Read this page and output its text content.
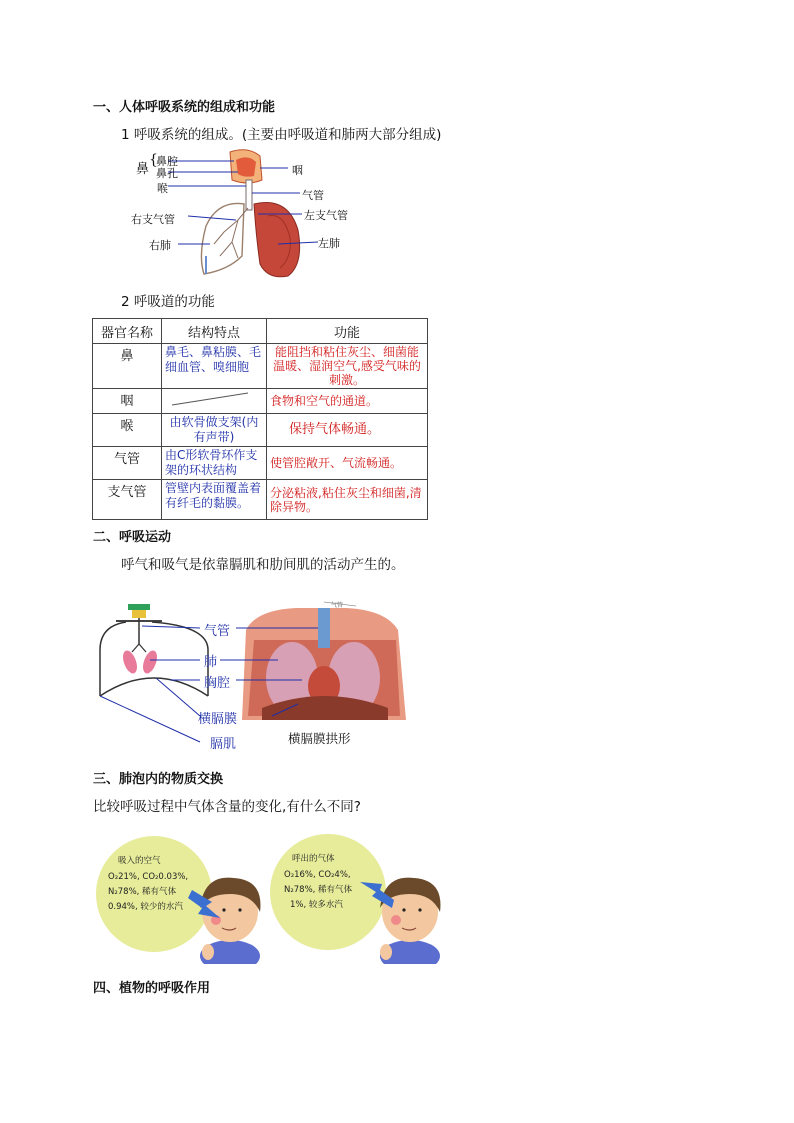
一、人体呼吸系统的组成和功能
1 呼吸系统的组成。(主要由呼吸道和肺两大部分组成)
鼻
{
鼻腔
鼻孔
喉
右支气管
右肺
咽
气管
左支气管
左肺
2 呼吸道的功能
器官名称	结构特点	功能
鼻	鼻毛、鼻粘膜、毛细血管、嗅细胞	能阻挡和粘住灰尘、细菌能温暖、湿润空气,感受气味的刺激。
咽		食物和空气的通道。
喉	由软骨做支架(内有声带)	保持气体畅通。
气管	由C形软骨环作支架的环状结构	使管腔敞开、气流畅通。
支气管	管壁内表面覆盖着有纤毛的黏膜。	分泌粘液,粘住灰尘和细菌,清除异物。
二、呼吸运动
呼气和吸气是依靠膈肌和肋间肌的活动产生的。
气管
气管
肺
胸腔
横膈膜
膈肌	横膈膜拱形
三、肺泡内的物质交换
比较呼吸过程中气体含量的变化,有什么不同?
吸入的空气
O₂21%, CO₂0.03%,
N₂78%, 稀有气体
0.94%, 较少的水汽
呼出的气体
O₂16%, CO₂4%,
N₂78%, 稀有气体
1%, 较多水汽
四、植物的呼吸作用
